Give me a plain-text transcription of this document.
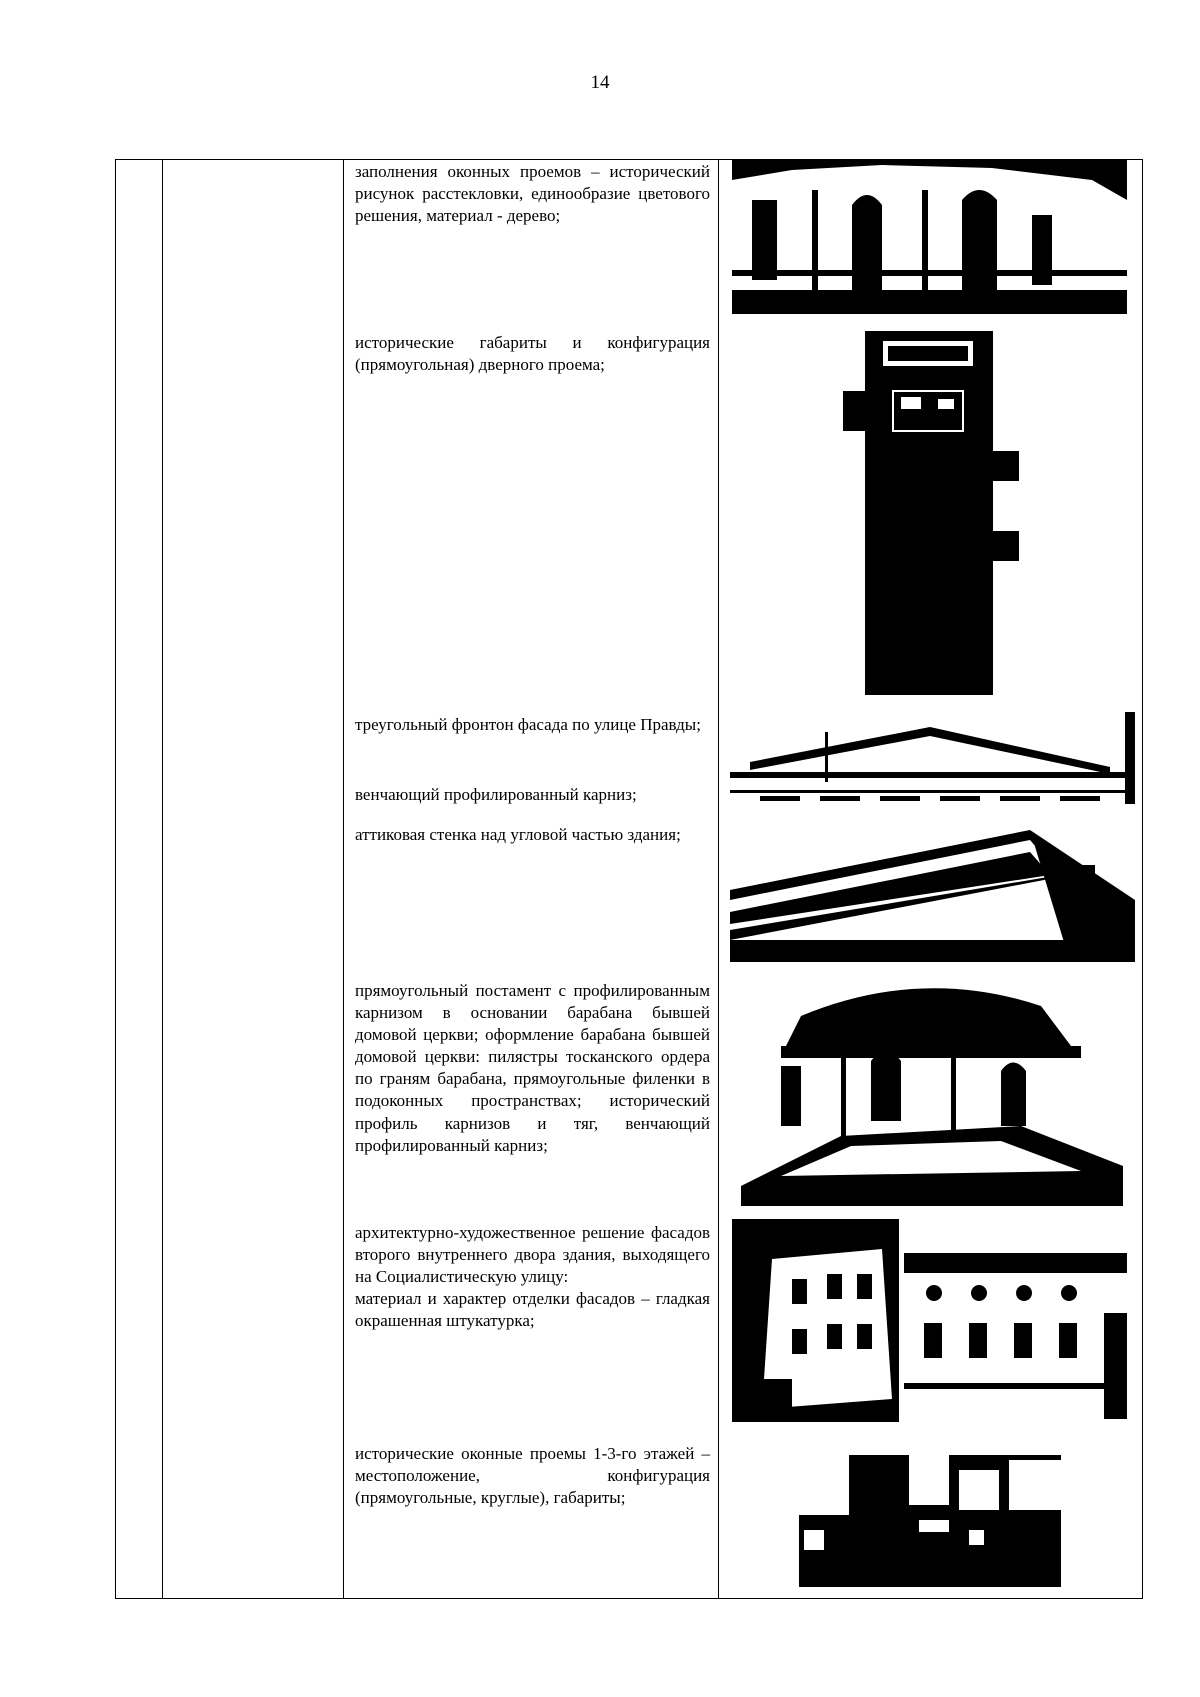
14

заполнения оконных проемов – исторический рисунок расстекловки, единообразие цветового решения, материал - дерево;

исторические габариты и конфигурация (прямоугольная) дверного проема;

треугольный фронтон фасада по улице Правды;

венчающий профилированный карниз;

аттиковая стенка над угловой частью здания;

прямоугольный постамент с профилированным карнизом в основании барабана бывшей домовой церкви; оформление барабана бывшей домовой церкви: пилястры тосканского ордера по граням барабана, прямоугольные филенки в подоконных пространствах; исторический профиль карнизов и тяг, венчающий профилированный карниз;

архитектурно-художественное решение фасадов второго внутреннего двора здания, выходящего на Социалистическую улицу:

материал и характер отделки фасадов – гладкая окрашенная штукатурка;

исторические оконные проемы 1-3-го этажей – местоположение, конфигурация (прямоугольные, круглые), габариты;
